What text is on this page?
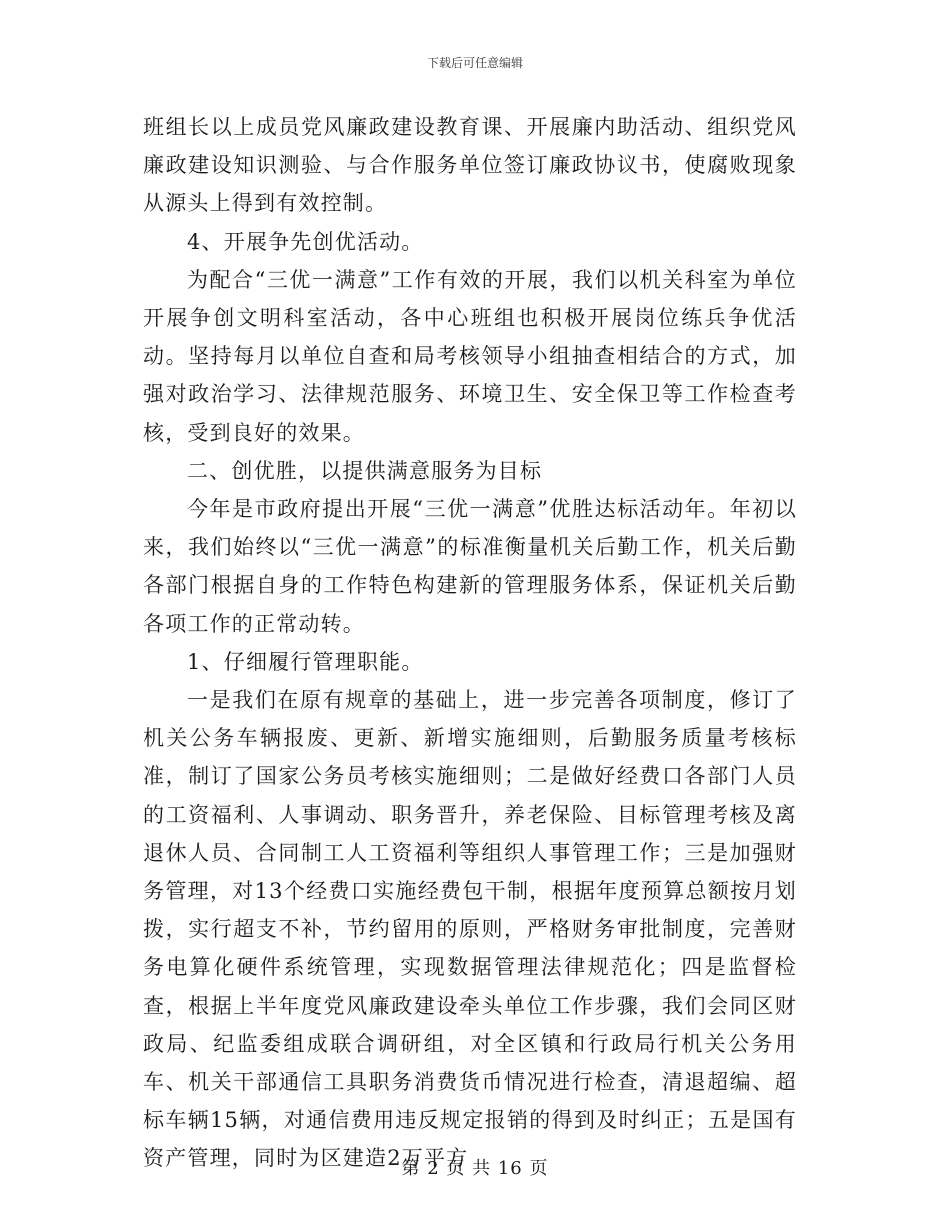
下载后可任意编辑

班组长以上成员党风廉政建设教育课、开展廉内助活动、组织党风廉政建设知识测验、与合作服务单位签订廉政协议书，使腐败现象从源头上得到有效控制。

4、开展争先创优活动。

为配合“三优一满意”工作有效的开展，我们以机关科室为单位开展争创文明科室活动，各中心班组也积极开展岗位练兵争优活动。坚持每月以单位自查和局考核领导小组抽查相结合的方式，加强对政治学习、法律规范服务、环境卫生、安全保卫等工作检查考核，受到良好的效果。

二、创优胜，以提供满意服务为目标

今年是市政府提出开展“三优一满意”优胜达标活动年。年初以来，我们始终以“三优一满意”的标准衡量机关后勤工作，机关后勤各部门根据自身的工作特色构建新的管理服务体系，保证机关后勤各项工作的正常动转。

1、仔细履行管理职能。

一是我们在原有规章的基础上，进一步完善各项制度，修订了机关公务车辆报废、更新、新增实施细则，后勤服务质量考核标准，制订了国家公务员考核实施细则；二是做好经费口各部门人员的工资福利、人事调动、职务晋升，养老保险、目标管理考核及离退休人员、合同制工人工资福利等组织人事管理工作；三是加强财务管理，对13个经费口实施经费包干制，根据年度预算总额按月划拨，实行超支不补，节约留用的原则，严格财务审批制度，完善财务电算化硬件系统管理，实现数据管理法律规范化；四是监督检查，根据上半年度党风廉政建设牵头单位工作步骤，我们会同区财政局、纪监委组成联合调研组，对全区镇和行政局行机关公务用车、机关干部通信工具职务消费货币情况进行检查，清退超编、超标车辆15辆，对通信费用违反规定报销的得到及时纠正；五是国有资产管理，同时为区建造2万平方

第 2 页 共 16 页
